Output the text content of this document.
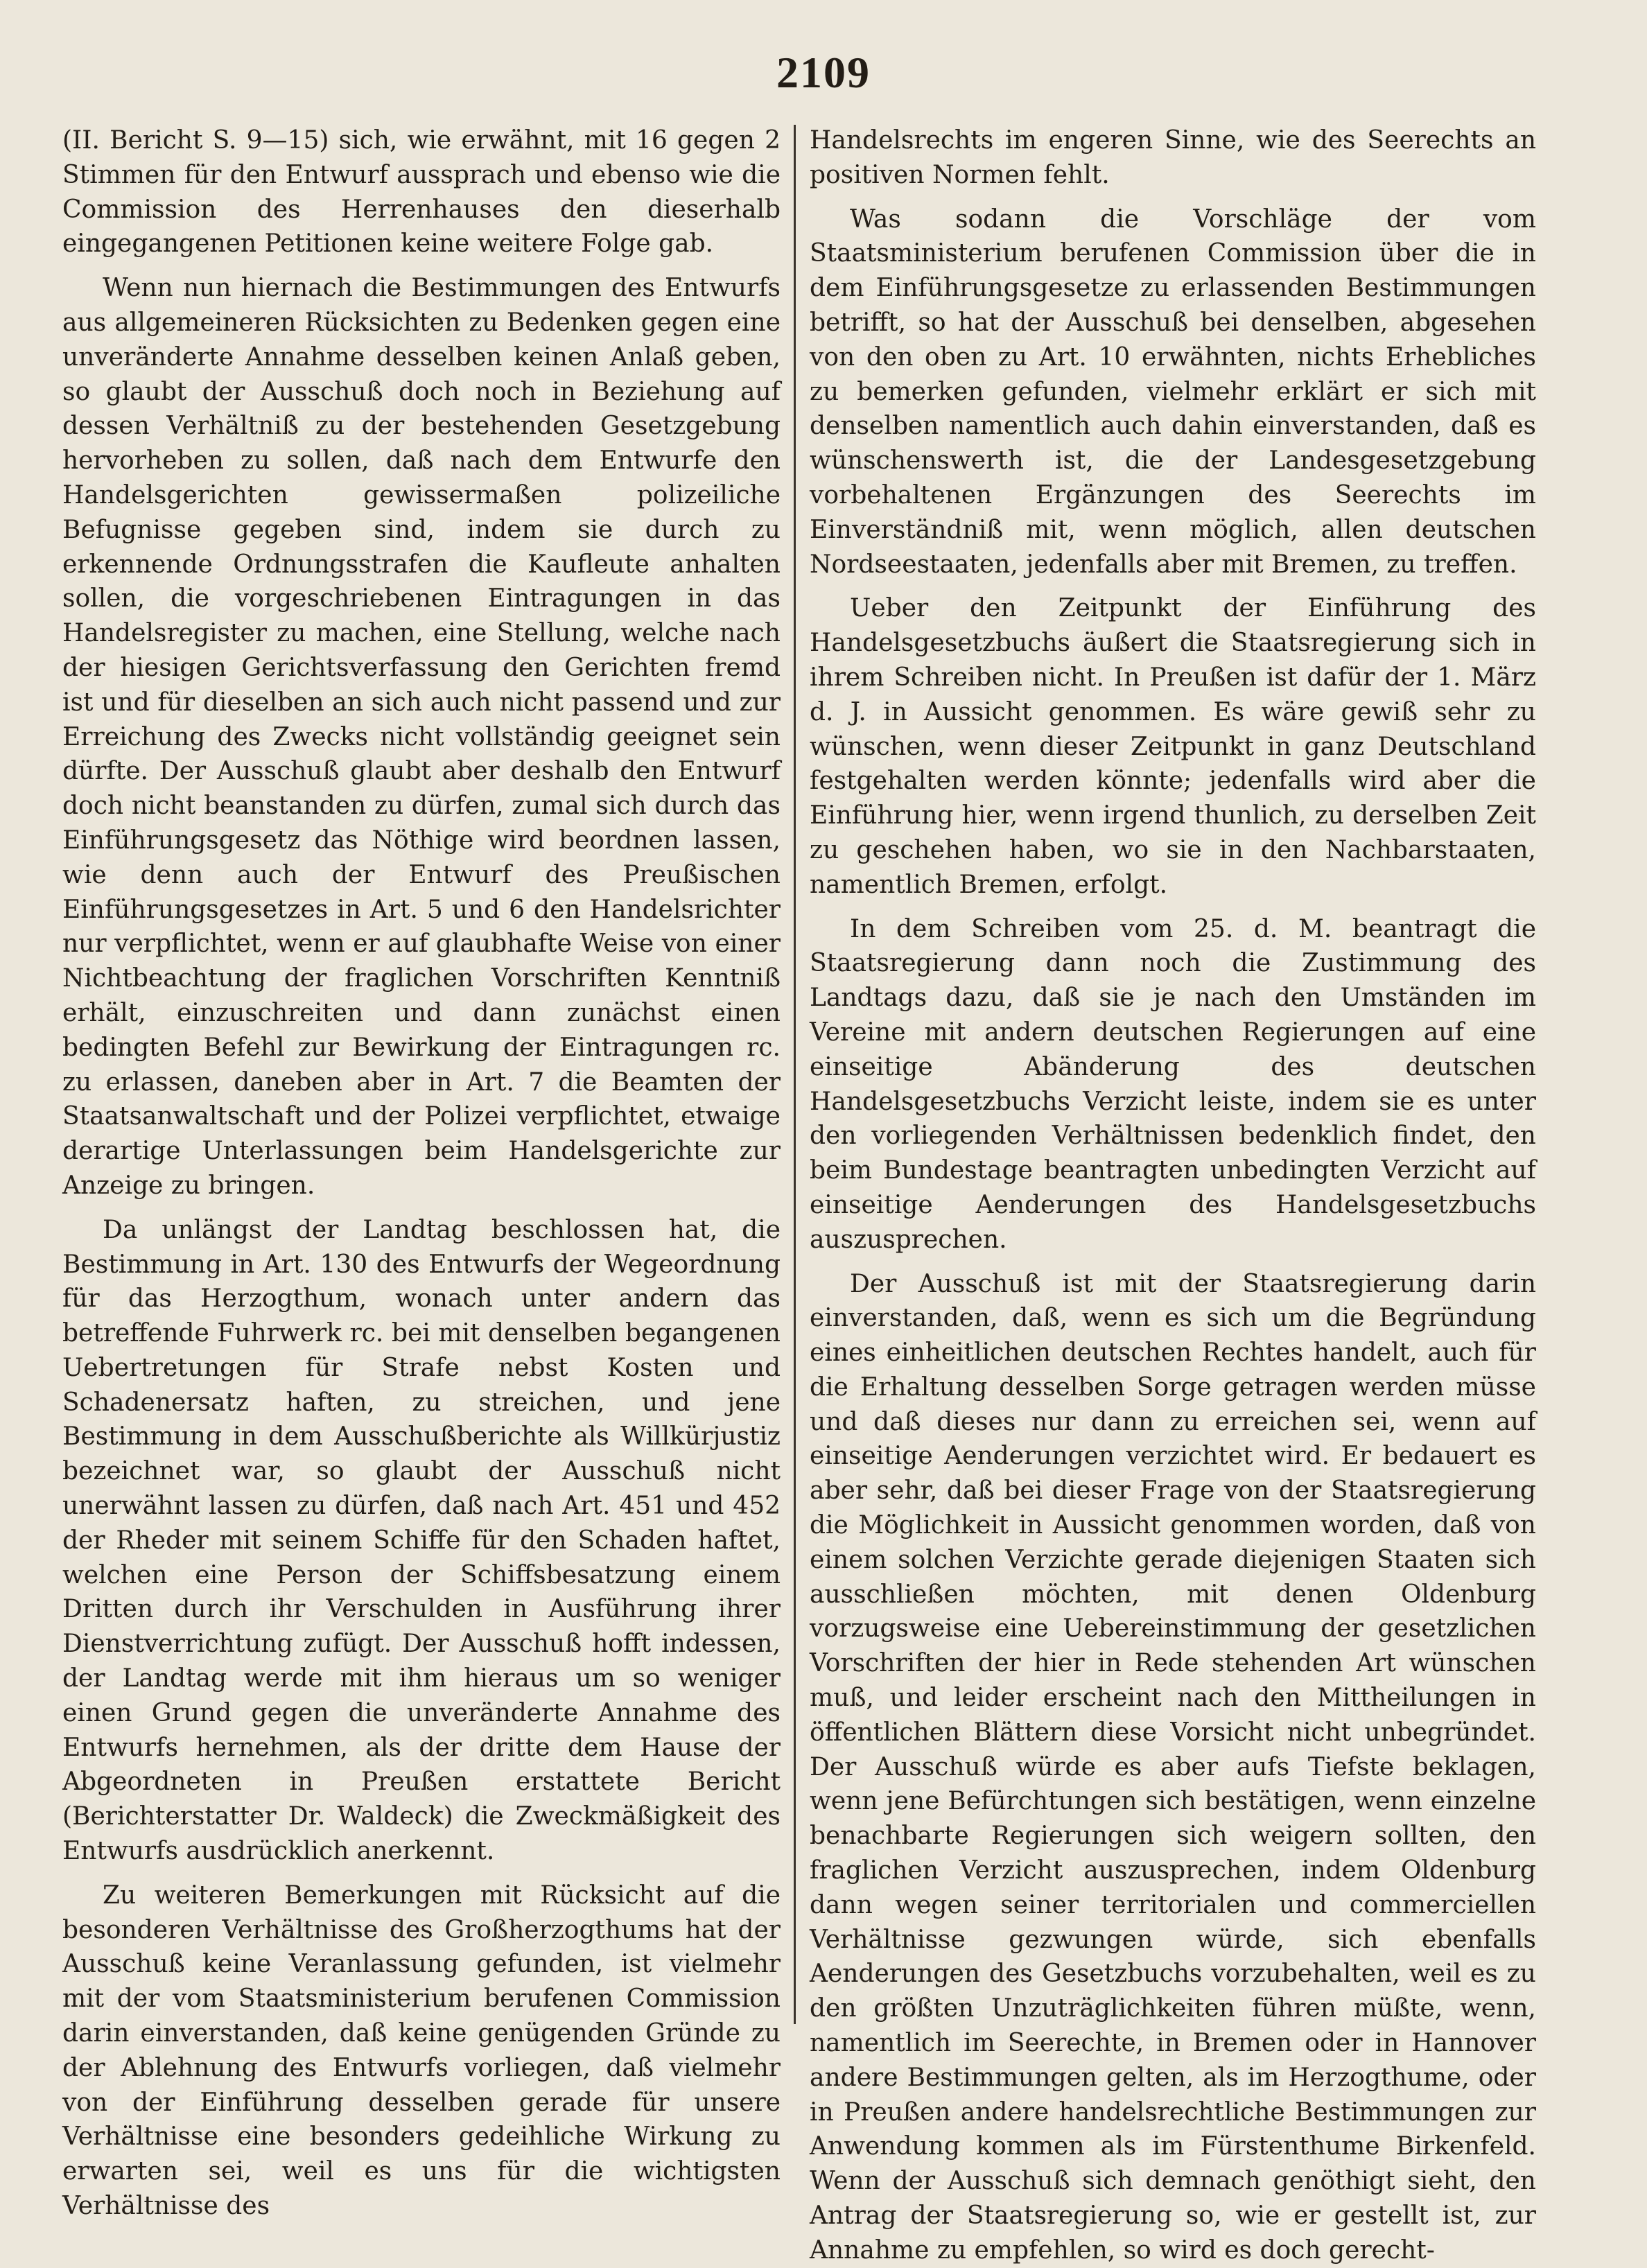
2109

(II. Bericht S. 9—15) sich, wie erwähnt, mit 16 gegen 2 Stimmen für den Entwurf aussprach und ebenso wie die Commission des Herrenhauses den dieserhalb eingegangenen Petitionen keine weitere Folge gab.

Wenn nun hiernach die Bestimmungen des Entwurfs aus allgemeineren Rücksichten zu Bedenken gegen eine unveränderte Annahme desselben keinen Anlaß geben, so glaubt der Ausschuß doch noch in Beziehung auf dessen Verhältniß zu der bestehenden Gesetzgebung hervorheben zu sollen, daß nach dem Entwurfe den Handelsgerichten gewissermaßen polizeiliche Befugnisse gegeben sind, indem sie durch zu erkennende Ordnungsstrafen die Kaufleute anhalten sollen, die vorgeschriebenen Eintragungen in das Handelsregister zu machen, eine Stellung, welche nach der hiesigen Gerichtsverfassung den Gerichten fremd ist und für dieselben an sich auch nicht passend und zur Erreichung des Zwecks nicht vollständig geeignet sein dürfte. Der Ausschuß glaubt aber deshalb den Entwurf doch nicht beanstanden zu dürfen, zumal sich durch das Einführungsgesetz das Nöthige wird beordnen lassen, wie denn auch der Entwurf des Preußischen Einführungsgesetzes in Art. 5 und 6 den Handelsrichter nur verpflichtet, wenn er auf glaubhafte Weise von einer Nichtbeachtung der fraglichen Vorschriften Kenntniß erhält, einzuschreiten und dann zunächst einen bedingten Befehl zur Bewirkung der Eintragungen rc. zu erlassen, daneben aber in Art. 7 die Beamten der Staatsanwaltschaft und der Polizei verpflichtet, etwaige derartige Unterlassungen beim Handelsgerichte zur Anzeige zu bringen.

Da unlängst der Landtag beschlossen hat, die Bestimmung in Art. 130 des Entwurfs der Wegeordnung für das Herzogthum, wonach unter andern das betreffende Fuhrwerk rc. bei mit denselben begangenen Uebertretungen für Strafe nebst Kosten und Schadenersatz haften, zu streichen, und jene Bestimmung in dem Ausschußberichte als Willkürjustiz bezeichnet war, so glaubt der Ausschuß nicht unerwähnt lassen zu dürfen, daß nach Art. 451 und 452 der Rheder mit seinem Schiffe für den Schaden haftet, welchen eine Person der Schiffsbesatzung einem Dritten durch ihr Verschulden in Ausführung ihrer Dienstverrichtung zufügt. Der Ausschuß hofft indessen, der Landtag werde mit ihm hieraus um so weniger einen Grund gegen die unveränderte Annahme des Entwurfs hernehmen, als der dritte dem Hause der Abgeordneten in Preußen erstattete Bericht (Berichterstatter Dr. Waldeck) die Zweckmäßigkeit des Entwurfs ausdrücklich anerkennt.

Zu weiteren Bemerkungen mit Rücksicht auf die besonderen Verhältnisse des Großherzogthums hat der Ausschuß keine Veranlassung gefunden, ist vielmehr mit der vom Staatsministerium berufenen Commission darin einverstanden, daß keine genügenden Gründe zu der Ablehnung des Entwurfs vorliegen, daß vielmehr von der Einführung desselben gerade für unsere Verhältnisse eine besonders gedeihliche Wirkung zu erwarten sei, weil es uns für die wichtigsten Verhältnisse des

Handelsrechts im engeren Sinne, wie des Seerechts an positiven Normen fehlt.

Was sodann die Vorschläge der vom Staatsministerium berufenen Commission über die in dem Einführungsgesetze zu erlassenden Bestimmungen betrifft, so hat der Ausschuß bei denselben, abgesehen von den oben zu Art. 10 erwähnten, nichts Erhebliches zu bemerken gefunden, vielmehr erklärt er sich mit denselben namentlich auch dahin einverstanden, daß es wünschenswerth ist, die der Landesgesetzgebung vorbehaltenen Ergänzungen des Seerechts im Einverständniß mit, wenn möglich, allen deutschen Nordseestaaten, jedenfalls aber mit Bremen, zu treffen.

Ueber den Zeitpunkt der Einführung des Handelsgesetzbuchs äußert die Staatsregierung sich in ihrem Schreiben nicht. In Preußen ist dafür der 1. März d. J. in Aussicht genommen. Es wäre gewiß sehr zu wünschen, wenn dieser Zeitpunkt in ganz Deutschland festgehalten werden könnte; jedenfalls wird aber die Einführung hier, wenn irgend thunlich, zu derselben Zeit zu geschehen haben, wo sie in den Nachbarstaaten, namentlich Bremen, erfolgt.

In dem Schreiben vom 25. d. M. beantragt die Staatsregierung dann noch die Zustimmung des Landtags dazu, daß sie je nach den Umständen im Vereine mit andern deutschen Regierungen auf eine einseitige Abänderung des deutschen Handelsgesetzbuchs Verzicht leiste, indem sie es unter den vorliegenden Verhältnissen bedenklich findet, den beim Bundestage beantragten unbedingten Verzicht auf einseitige Aenderungen des Handelsgesetzbuchs auszusprechen.

Der Ausschuß ist mit der Staatsregierung darin einverstanden, daß, wenn es sich um die Begründung eines einheitlichen deutschen Rechtes handelt, auch für die Erhaltung desselben Sorge getragen werden müsse und daß dieses nur dann zu erreichen sei, wenn auf einseitige Aenderungen verzichtet wird. Er bedauert es aber sehr, daß bei dieser Frage von der Staatsregierung die Möglichkeit in Aussicht genommen worden, daß von einem solchen Verzichte gerade diejenigen Staaten sich ausschließen möchten, mit denen Oldenburg vorzugsweise eine Uebereinstimmung der gesetzlichen Vorschriften der hier in Rede stehenden Art wünschen muß, und leider erscheint nach den Mittheilungen in öffentlichen Blättern diese Vorsicht nicht unbegründet. Der Ausschuß würde es aber aufs Tiefste beklagen, wenn jene Befürchtungen sich bestätigen, wenn einzelne benachbarte Regierungen sich weigern sollten, den fraglichen Verzicht auszusprechen, indem Oldenburg dann wegen seiner territorialen und commerciellen Verhältnisse gezwungen würde, sich ebenfalls Aenderungen des Gesetzbuchs vorzubehalten, weil es zu den größten Unzuträglichkeiten führen müßte, wenn, namentlich im Seerechte, in Bremen oder in Hannover andere Bestimmungen gelten, als im Herzogthume, oder in Preußen andere handelsrechtliche Bestimmungen zur Anwendung kommen als im Fürstenthume Birkenfeld. Wenn der Ausschuß sich demnach genöthigt sieht, den Antrag der Staatsregierung so, wie er gestellt ist, zur Annahme zu empfehlen, so wird es doch gerecht-
